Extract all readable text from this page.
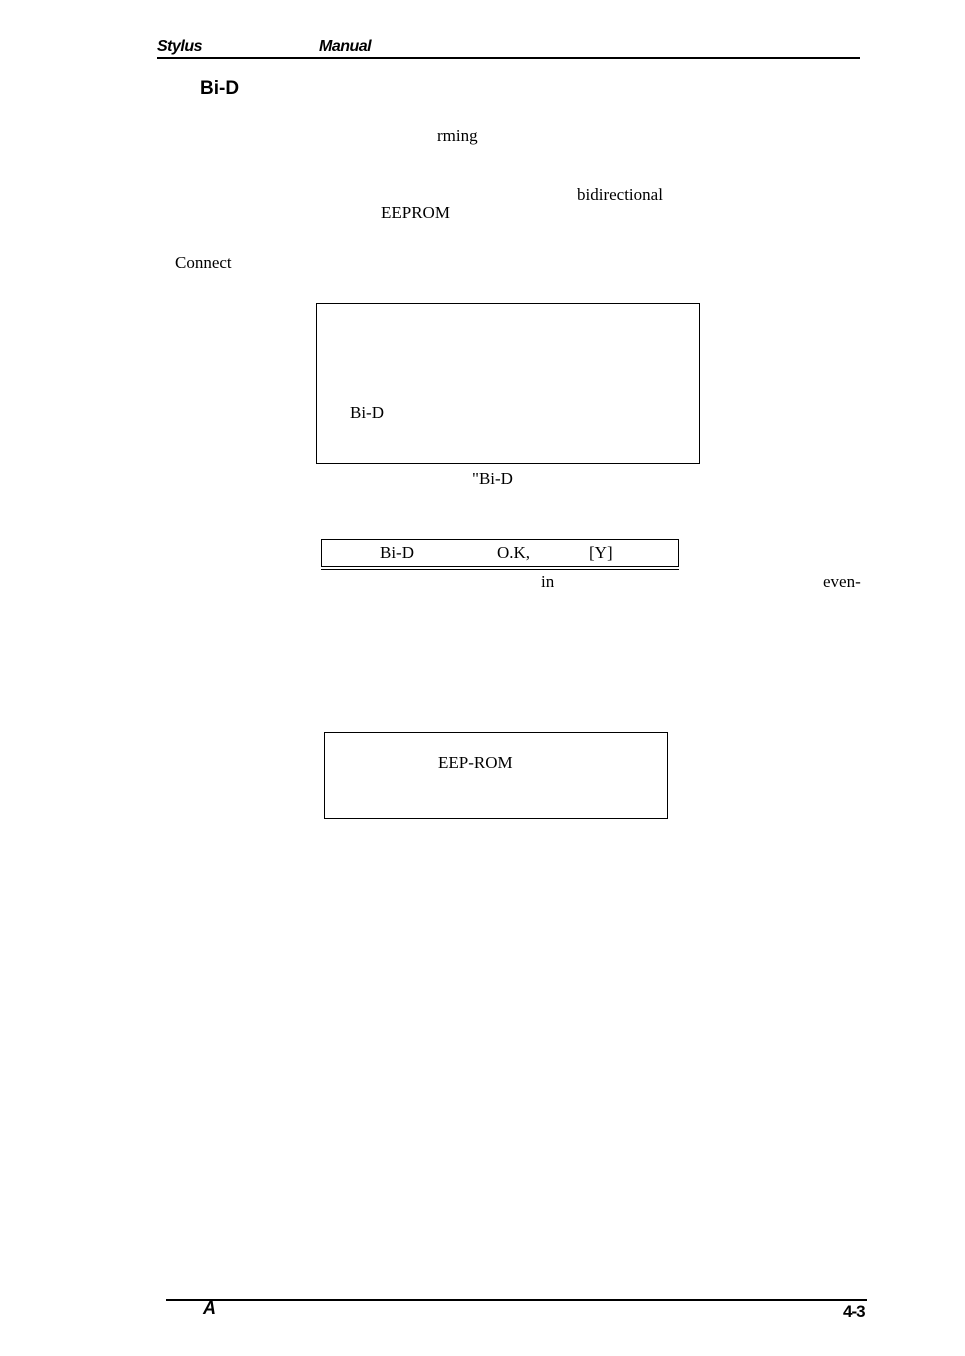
Stylus	Manual
Bi-D
rming
bidirectional
EEPROM
Connect
Bi-D
"Bi-D
Bi-D	O.K,	[Y]
in	even-
EEP-ROM
A	4-3
